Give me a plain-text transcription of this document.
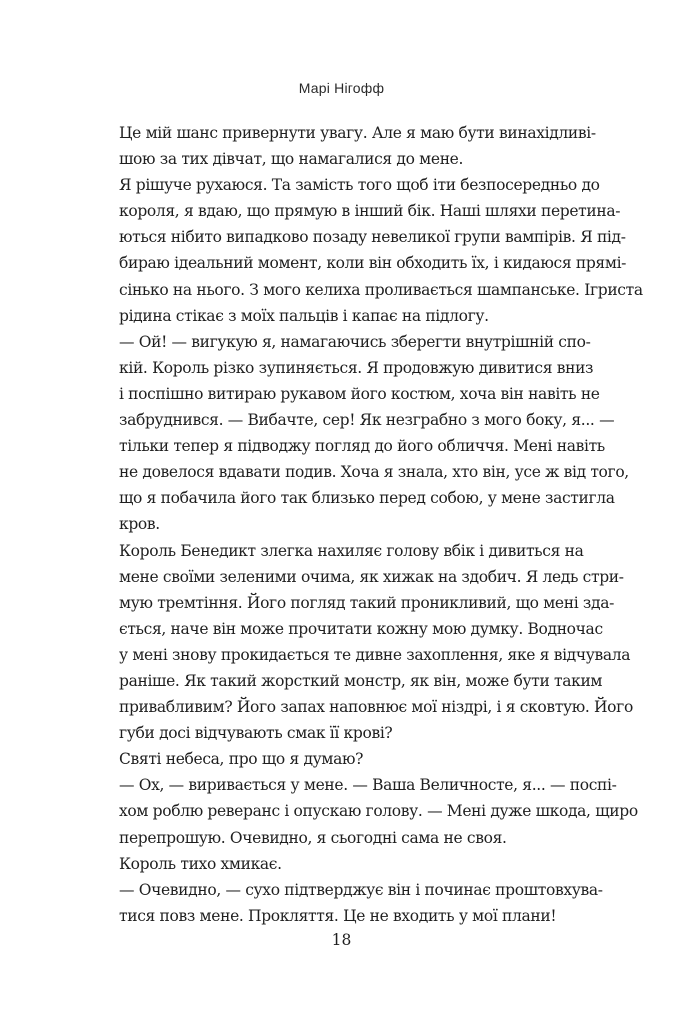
Марі Нігофф
Це мій шанс привернути увагу. Але я маю бути винахідливі-
шою за тих дівчат, що намагалися до мене.
Я рішуче рухаюся. Та замість того щоб іти безпосередньо до
короля, я вдаю, що прямую в інший бік. Наші шляхи перетина-
ються нібито випадково позаду невеликої групи вампірів. Я під-
бираю ідеальний момент, коли він обходить їх, і кидаюся прямі-
сінько на нього. З мого келиха проливається шампанське. Ігриста
рідина стікає з моїх пальців і капає на підлогу.
— Ой! — вигукую я, намагаючись зберегти внутрішній спо-
кій. Король різко зупиняється. Я продовжую дивитися вниз
і поспішно витираю рукавом його костюм, хоча він навіть не
забруднився. — Вибачте, сер! Як незграбно з мого боку, я... —
тільки тепер я підводжу погляд до його обличчя. Мені навіть
не довелося вдавати подив. Хоча я знала, хто він, усе ж від того,
що я побачила його так близько перед собою, у мене застигла
кров.
Король Бенедикт злегка нахиляє голову вбік і дивиться на
мене своїми зеленими очима, як хижак на здобич. Я ледь стри-
мую тремтіння. Його погляд такий проникливий, що мені зда-
ється, наче він може прочитати кожну мою думку. Водночас
у мені знову прокидається те дивне захоплення, яке я відчувала
раніше. Як такий жорсткий монстр, як він, може бути таким
привабливим? Його запах наповнює мої ніздрі, і я сковтую. Його
губи досі відчувають смак її крові?
Святі небеса, про що я думаю?
— Ох, — виривається у мене. — Ваша Величносте, я... — поспі-
хом роблю реверанс і опускаю голову. — Мені дуже шкода, щиро
перепрошую. Очевидно, я сьогодні сама не своя.
Король тихо хмикає.
— Очевидно, — сухо підтверджує він і починає проштовхува-
тися повз мене. Прокляття. Це не входить у мої плани!
18
